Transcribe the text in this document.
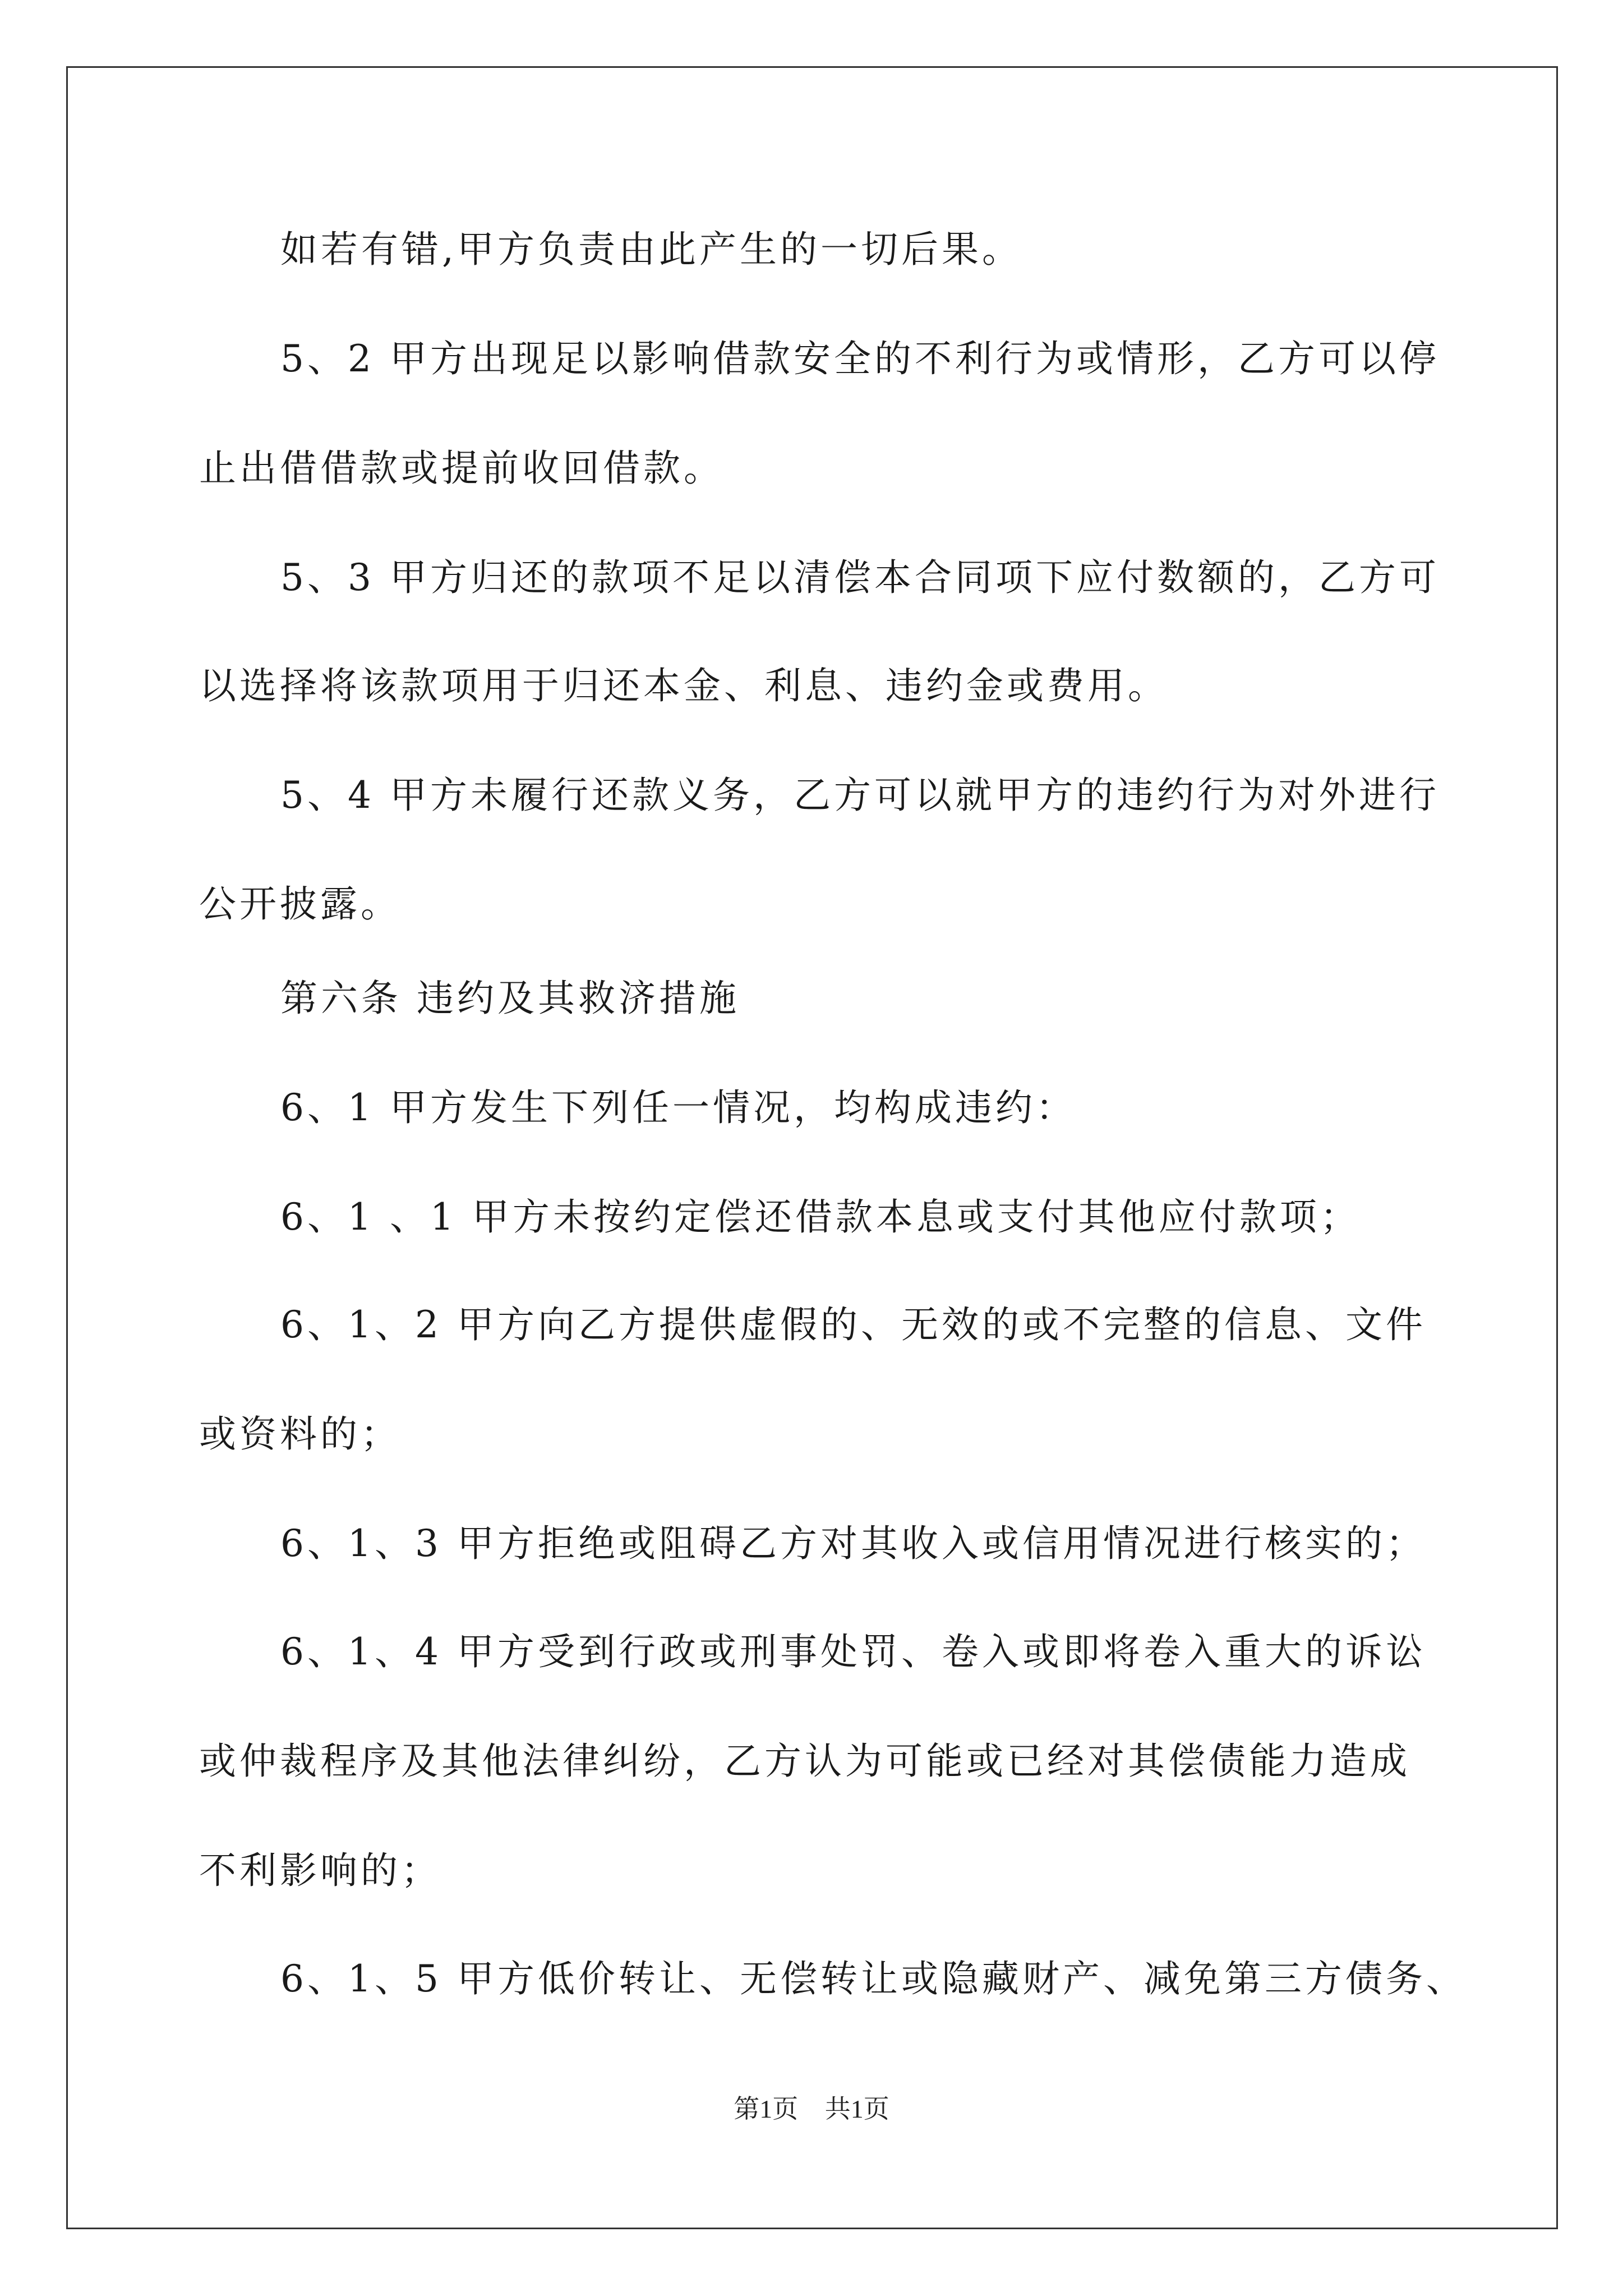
如若有错,甲方负责由此产生的一切后果。
5、2 甲方出现足以影响借款安全的不利行为或情形，乙方可以停
止出借借款或提前收回借款。
5、3 甲方归还的款项不足以清偿本合同项下应付数额的，乙方可
以选择将该款项用于归还本金、利息、违约金或费用。
5、4 甲方未履行还款义务，乙方可以就甲方的违约行为对外进行
公开披露。
第六条 违约及其救济措施
6、1 甲方发生下列任一情况，均构成违约：
6、1 、1 甲方未按约定偿还借款本息或支付其他应付款项；
6、1、2 甲方向乙方提供虚假的、无效的或不完整的信息、文件
或资料的；
6、1、3 甲方拒绝或阻碍乙方对其收入或信用情况进行核实的；
6、1、4 甲方受到行政或刑事处罚、卷入或即将卷入重大的诉讼
或仲裁程序及其他法律纠纷，乙方认为可能或已经对其偿债能力造成
不利影响的；
6、1、5 甲方低价转让、无偿转让或隐藏财产、减免第三方债务、
第1页 共1页
